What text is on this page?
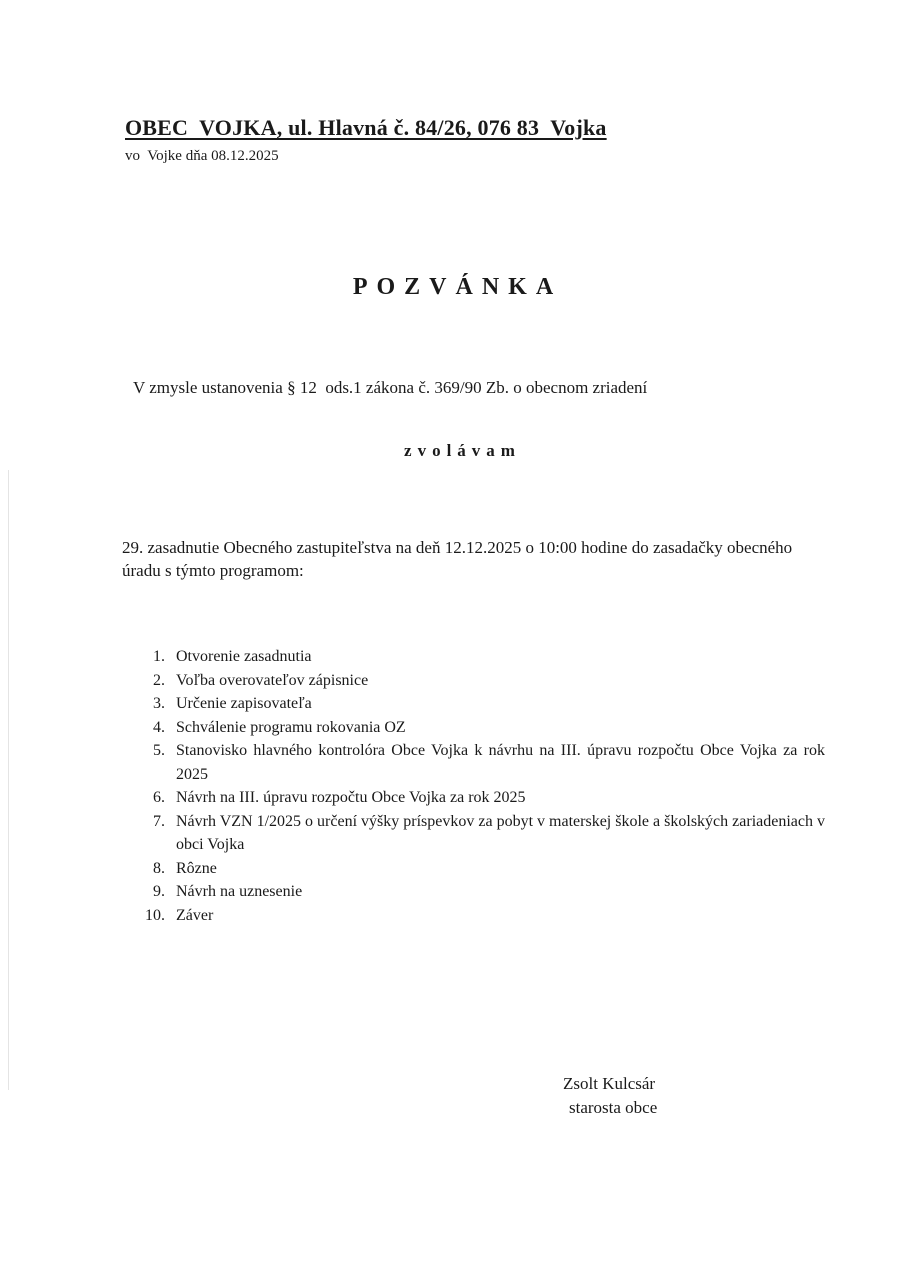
OBEC  VOJKA, ul. Hlavná č. 84/26, 076 83  Vojka
vo  Vojke dňa 08.12.2025
POZVÁNKA
V zmysle ustanovenia § 12  ods.1 zákona č. 369/90 Zb. o obecnom zriadení
zvolávam
29. zasadnutie Obecného zastupiteľstva na deň 12.12.2025 o 10:00 hodine do zasadačky obecného úradu s týmto programom:
1. Otvorenie zasadnutia
2. Voľba overovateľov zápisnice
3. Určenie zapisovateľa
4. Schválenie programu rokovania OZ
5. Stanovisko hlavného kontrolóra Obce Vojka k návrhu na III. úpravu rozpočtu Obce Vojka za rok 2025
6. Návrh na III. úpravu rozpočtu Obce Vojka za rok 2025
7. Návrh VZN 1/2025 o určení výšky príspevkov za pobyt v materskej škole a školských zariadeniach v obci Vojka
8. Rôzne
9. Návrh na uznesenie
10. Záver
Zsolt Kulcsár
starosta obce
